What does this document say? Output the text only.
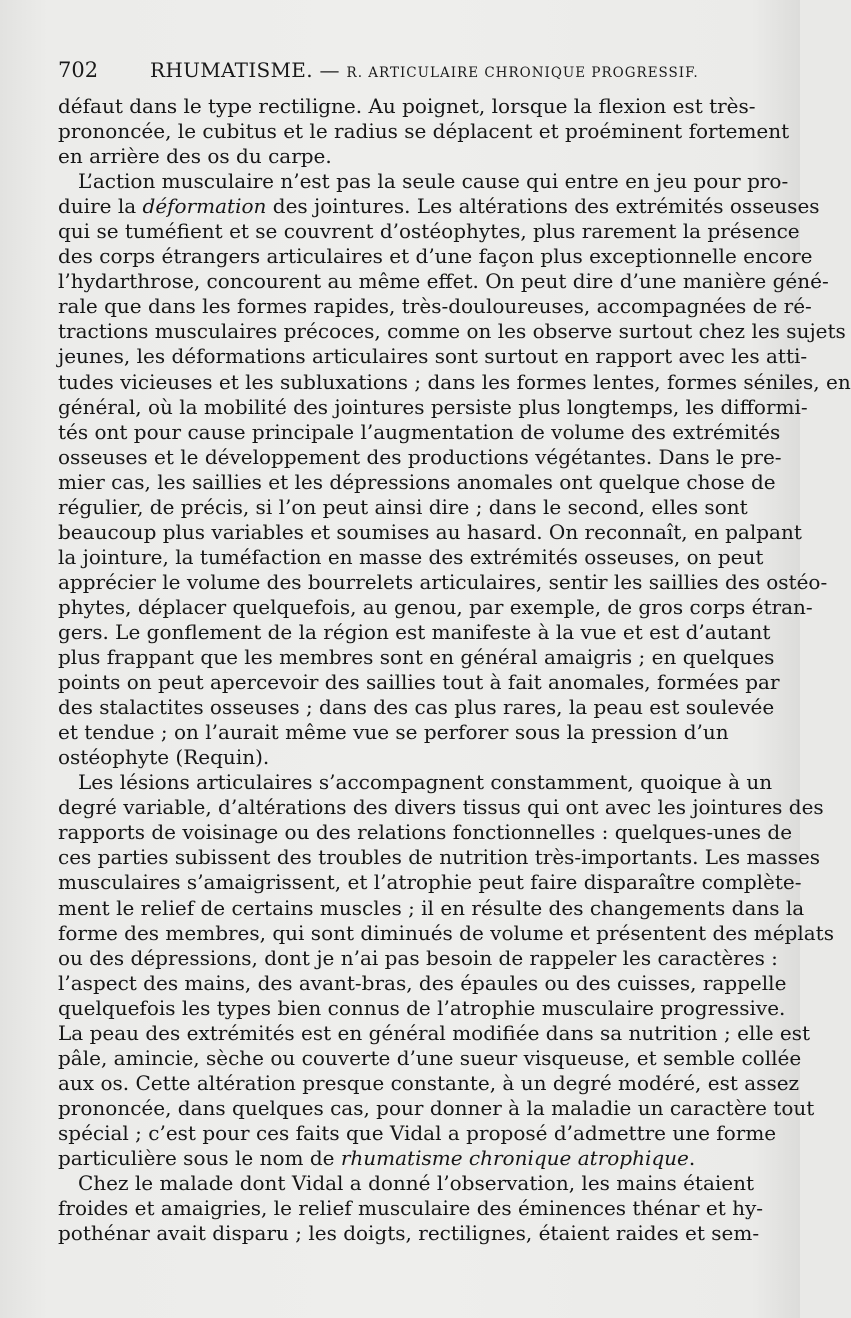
702	RHUMATISME. — R. ARTICULAIRE CHRONIQUE PROGRESSIF.
défaut dans le type rectiligne. Au poignet, lorsque la flexion est très-
prononcée, le cubitus et le radius se déplacent et proéminent fortement
en arrière des os du carpe.
L’action musculaire n’est pas la seule cause qui entre en jeu pour pro-
duire la déformation des jointures. Les altérations des extrémités osseuses
qui se tuméfient et se couvrent d’ostéophytes, plus rarement la présence
des corps étrangers articulaires et d’une façon plus exceptionnelle encore
l’hydarthrose, concourent au même effet. On peut dire d’une manière géné-
rale que dans les formes rapides, très-douloureuses, accompagnées de ré-
tractions musculaires précoces, comme on les observe surtout chez les sujets
jeunes, les déformations articulaires sont surtout en rapport avec les atti-
tudes vicieuses et les subluxations ; dans les formes lentes, formes séniles, en
général, où la mobilité des jointures persiste plus longtemps, les difformi-
tés ont pour cause principale l’augmentation de volume des extrémités
osseuses et le développement des productions végétantes. Dans le pre-
mier cas, les saillies et les dépressions anomales ont quelque chose de
régulier, de précis, si l’on peut ainsi dire ; dans le second, elles sont
beaucoup plus variables et soumises au hasard. On reconnaît, en palpant
la jointure, la tuméfaction en masse des extrémités osseuses, on peut
apprécier le volume des bourrelets articulaires, sentir les saillies des ostéo-
phytes, déplacer quelquefois, au genou, par exemple, de gros corps étran-
gers. Le gonflement de la région est manifeste à la vue et est d’autant
plus frappant que les membres sont en général amaigris ; en quelques
points on peut apercevoir des saillies tout à fait anomales, formées par
des stalactites osseuses ; dans des cas plus rares, la peau est soulevée
et tendue ; on l’aurait même vue se perforer sous la pression d’un
ostéophyte (Requin).
Les lésions articulaires s’accompagnent constamment, quoique à un
degré variable, d’altérations des divers tissus qui ont avec les jointures des
rapports de voisinage ou des relations fonctionnelles : quelques-unes de
ces parties subissent des troubles de nutrition très-importants. Les masses
musculaires s’amaigrissent, et l’atrophie peut faire disparaître complète-
ment le relief de certains muscles ; il en résulte des changements dans la
forme des membres, qui sont diminués de volume et présentent des méplats
ou des dépressions, dont je n’ai pas besoin de rappeler les caractères :
l’aspect des mains, des avant-bras, des épaules ou des cuisses, rappelle
quelquefois les types bien connus de l’atrophie musculaire progressive.
La peau des extrémités est en général modifiée dans sa nutrition ; elle est
pâle, amincie, sèche ou couverte d’une sueur visqueuse, et semble collée
aux os. Cette altération presque constante, à un degré modéré, est assez
prononcée, dans quelques cas, pour donner à la maladie un caractère tout
spécial ; c’est pour ces faits que Vidal a proposé d’admettre une forme
particulière sous le nom de rhumatisme chronique atrophique.
Chez le malade dont Vidal a donné l’observation, les mains étaient
froides et amaigries, le relief musculaire des éminences thénar et hy-
pothénar avait disparu ; les doigts, rectilignes, étaient raides et sem-
